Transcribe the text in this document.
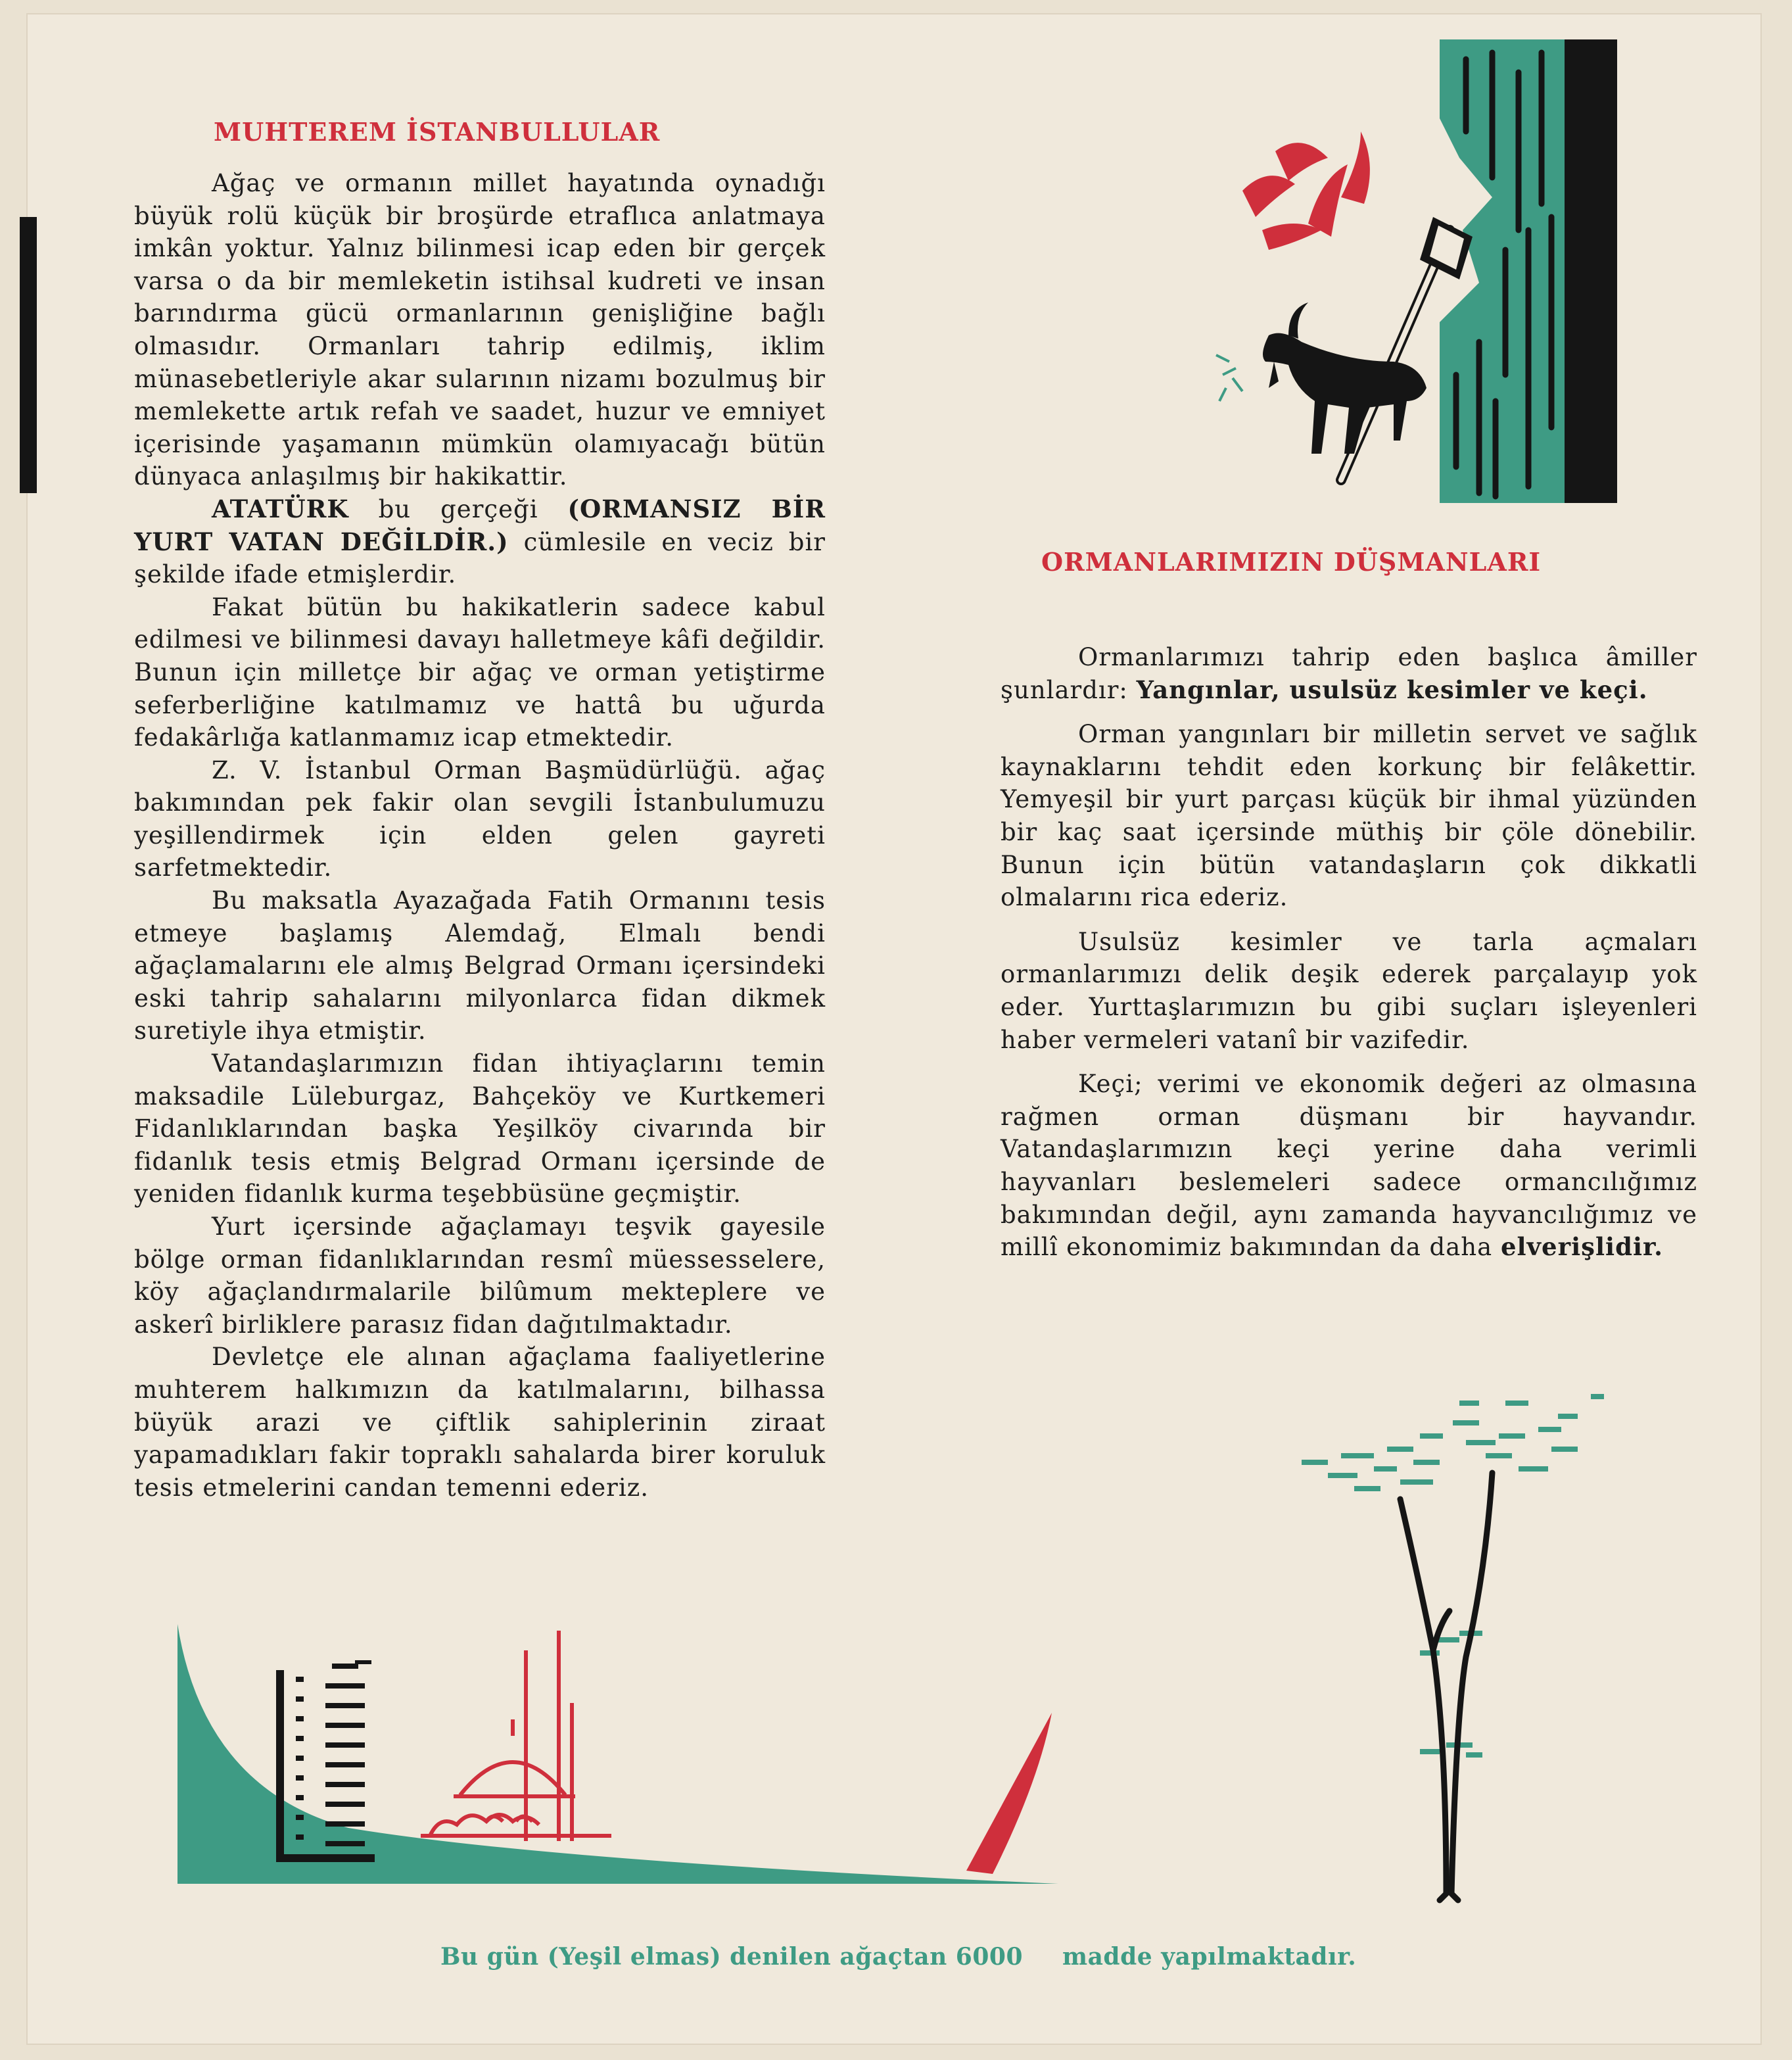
MUHTEREM İSTANBULLULAR

Ağaç ve ormanın millet hayatında oynadığı büyük rolü küçük bir broşürde etraflıca anlatmaya imkân yoktur. Yalnız bilinmesi icap eden bir gerçek varsa o da bir memleketin istihsal kudreti ve insan barındırma gücü ormanlarının genişliğine bağlı olmasıdır. Ormanları tahrip edilmiş, iklim münasebetleriyle akar sularının nizamı bozulmuş bir memlekette artık refah ve saadet, huzur ve emniyet içerisinde yaşamanın mümkün olamıyacağı bütün dünyaca anlaşılmış bir hakikattir.

ATATÜRK bu gerçeği (ORMANSIZ BİR YURT VATAN DEĞİLDİR.) cümlesile en veciz bir şekilde ifade etmişlerdir.

Fakat bütün bu hakikatlerin sadece kabul edilmesi ve bilinmesi davayı halletmeye kâfi değildir. Bunun için milletçe bir ağaç ve orman yetiştirme seferberliğine katılmamız ve hattâ bu uğurda fedakârlığa katlanmamız icap etmektedir.

Z. V. İstanbul Orman Başmüdürlüğü. ağaç bakımından pek fakir olan sevgili İstanbulumuzu yeşillendirmek için elden gelen gayreti sarfetmektedir.

Bu maksatla Ayazağada Fatih Ormanını tesis etmeye başlamış Alemdağ, Elmalı bendi ağaçlamalarını ele almış Belgrad Ormanı içersindeki eski tahrip sahalarını milyonlarca fidan dikmek suretiyle ihya etmiştir.

Vatandaşlarımızın fidan ihtiyaçlarını temin maksadile Lüleburgaz, Bahçeköy ve Kurtkemeri Fidanlıklarından başka Yeşilköy civarında bir fidanlık tesis etmiş Belgrad Ormanı içersinde de yeniden fidanlık kurma teşebbüsüne geçmiştir.

Yurt içersinde ağaçlamayı teşvik gayesile bölge orman fidanlıklarından resmî müessesselere, köy ağaçlandırmalarile bilûmum mekteplere ve askerî birliklere parasız fidan dağıtılmaktadır.

Devletçe ele alınan ağaçlama faaliyetlerine muhterem halkımızın da katılmalarını, bilhassa büyük arazi ve çiftlik sahiplerinin ziraat yapamadıkları fakir topraklı sahalarda birer koruluk tesis etmelerini candan temenni ederiz.

ORMANLARIMIZIN DÜŞMANLARI

Ormanlarımızı tahrip eden başlıca âmiller şunlardır: Yangınlar, usulsüz kesimler ve keçi.

Orman yangınları bir milletin servet ve sağlık kaynaklarını tehdit eden korkunç bir felâkettir. Yemyeşil bir yurt parçası küçük bir ihmal yüzünden bir kaç saat içersinde müthiş bir çöle dönebilir. Bunun için bütün vatandaşların çok dikkatli olmalarını rica ederiz.

Usulsüz kesimler ve tarla açmaları ormanlarımızı delik deşik ederek parçalayıp yok eder. Yurttaşlarımızın bu gibi suçları işleyenleri haber vermeleri vatanî bir vazifedir.

Keçi; verimi ve ekonomik değeri az olmasına rağmen orman düşmanı bir hayvandır. Vatandaşlarımızın keçi yerine daha verimli hayvanları beslemeleri sadece ormancılığımız bakımından değil, aynı zamanda hayvancılığımız ve millî ekonomimiz bakımından da daha elverişlidir.

Bu gün (Yeşil elmas) denilen ağaçtan 6000 madde yapılmaktadır.
